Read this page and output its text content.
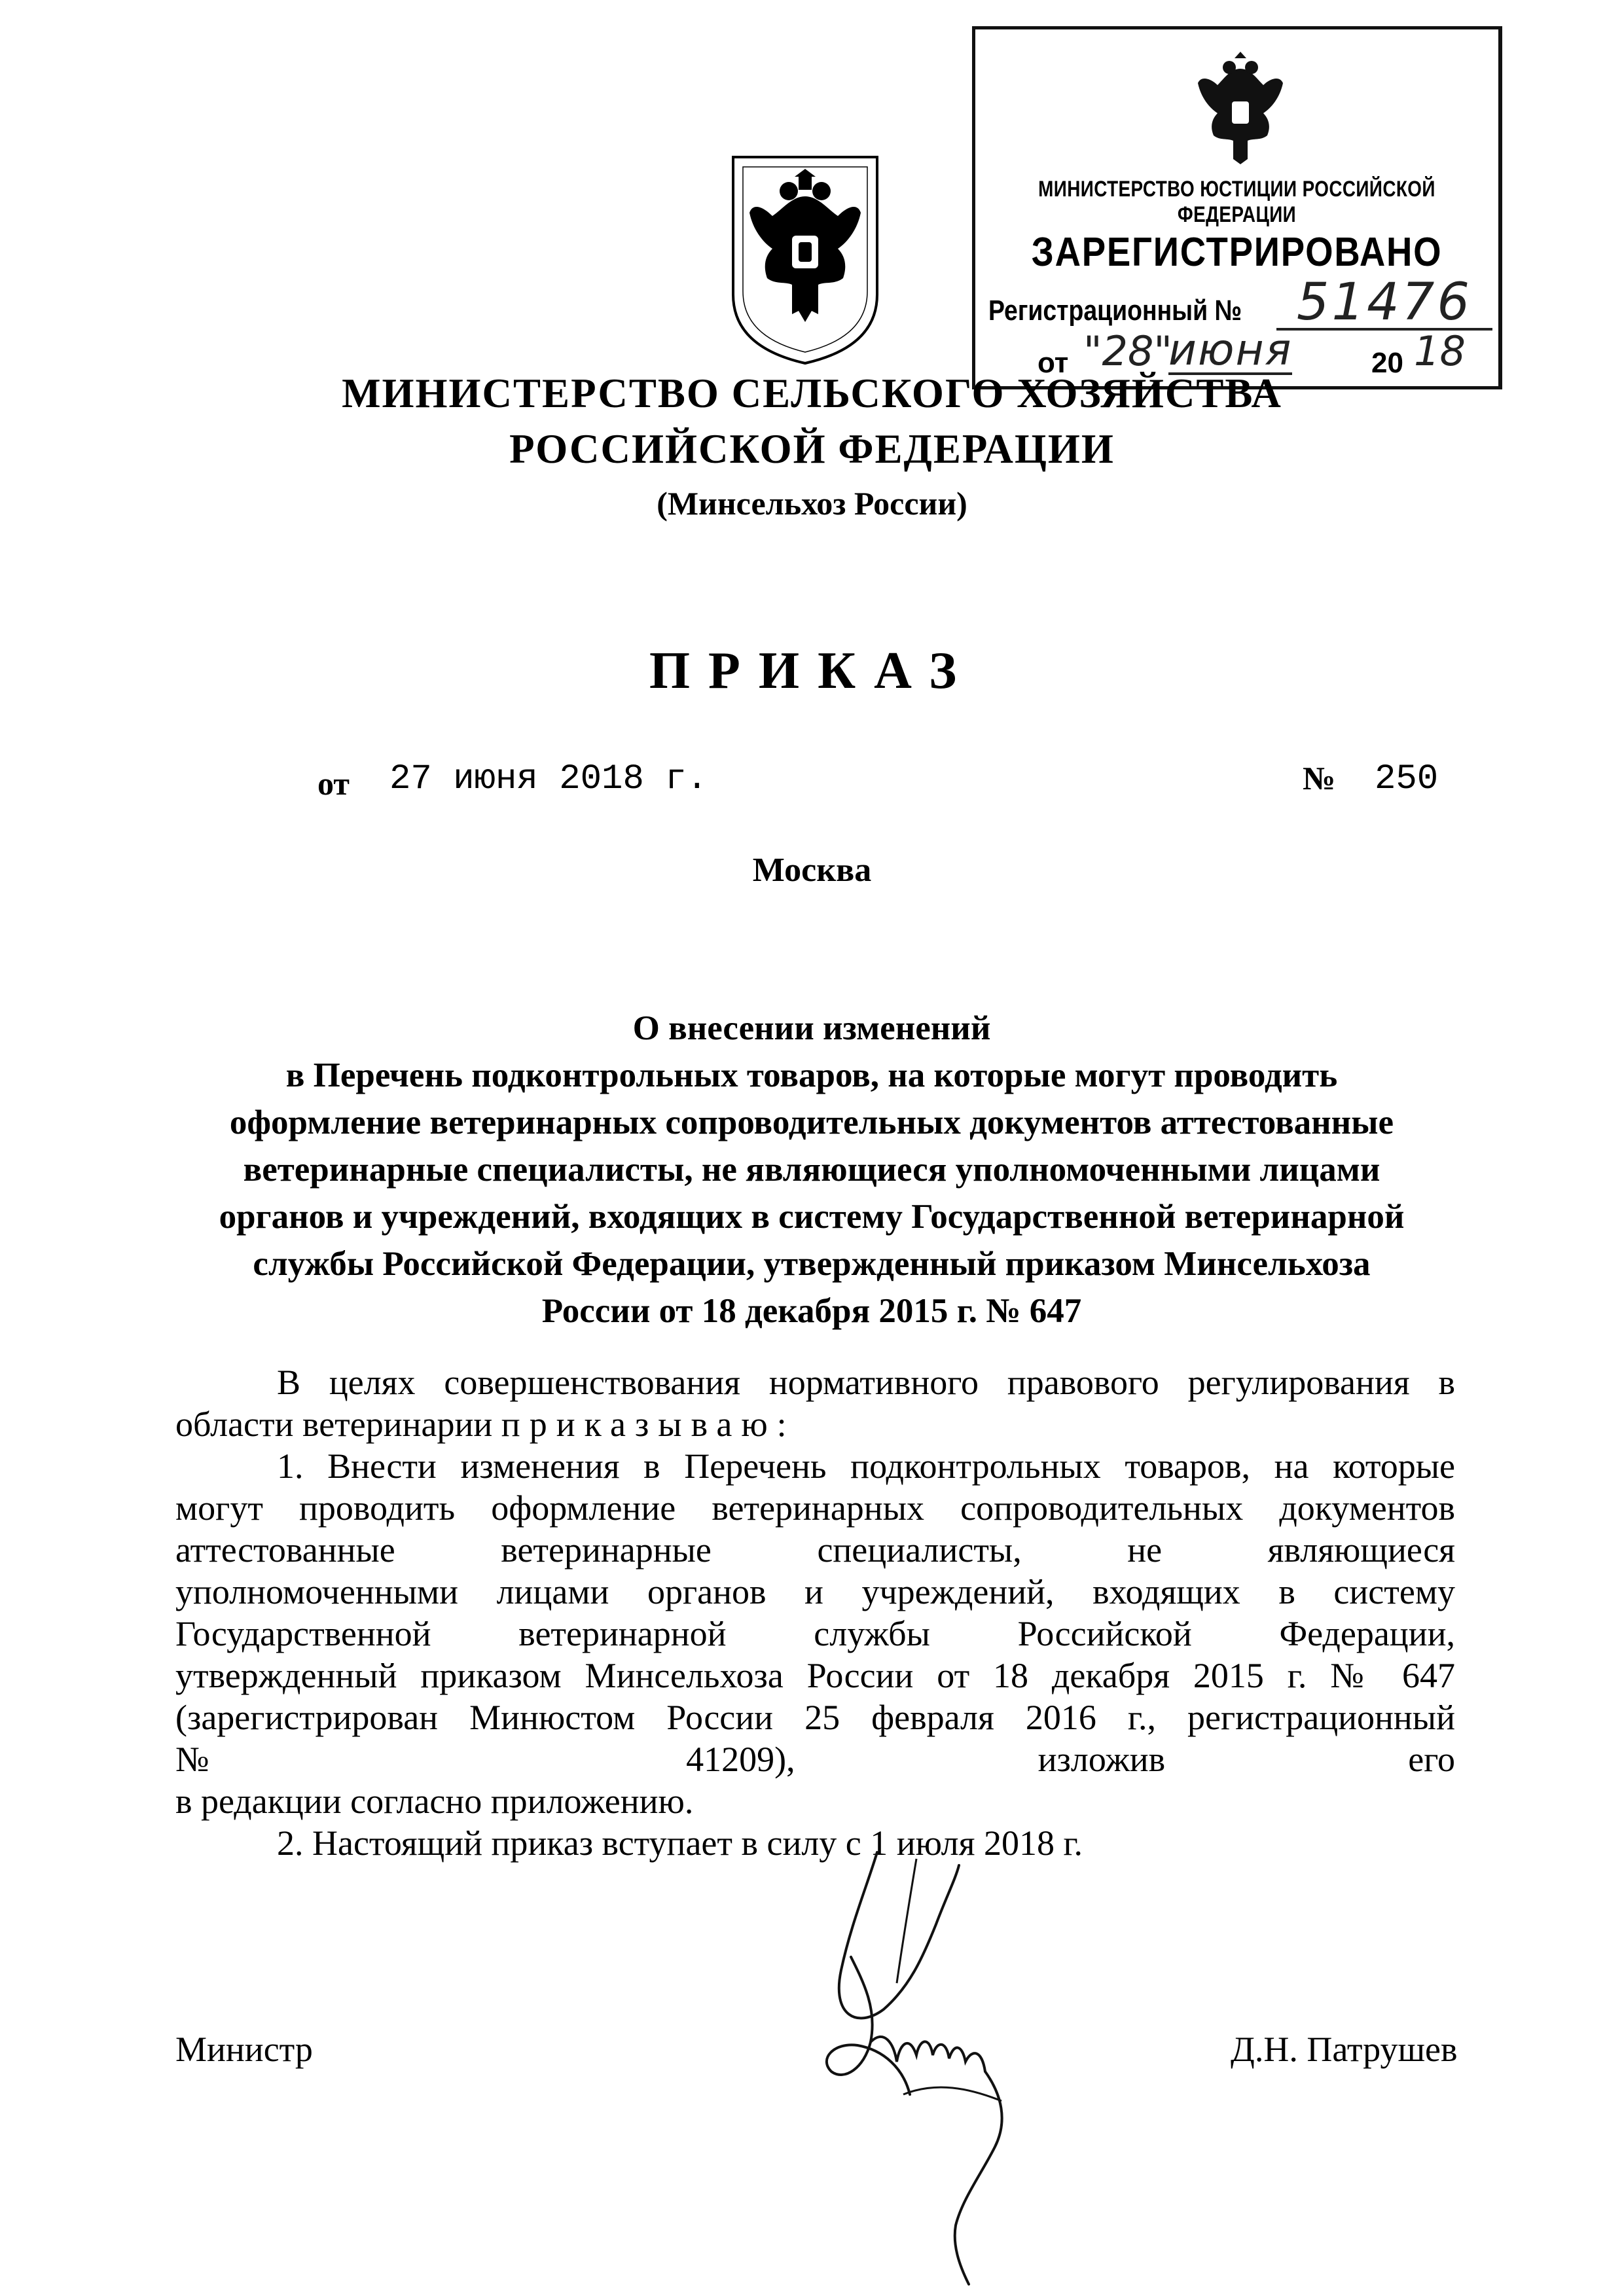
МИНИСТЕРСТВО ЮСТИЦИИ РОССИЙСКОЙ ФЕДЕРАЦИИ
ЗАРЕГИСТРИРОВАНО
Регистрационный №	51476
от "28"
июня	20 18
МИНИСТЕРСТВО СЕЛЬСКОГО ХОЗЯЙСТВА
РОССИЙСКОЙ ФЕДЕРАЦИИ
(Минсельхоз России)
ПРИКАЗ
от 27 июня 2018 г.	№ 250
Москва
О внесении изменений
в Перечень подконтрольных товаров, на которые могут проводить
оформление ветеринарных сопроводительных документов аттестованные
ветеринарные специалисты, не являющиеся уполномоченными лицами
органов и учреждений, входящих в систему Государственной ветеринарной
службы Российской Федерации, утвержденный приказом Минсельхоза
России от 18 декабря 2015 г. № 647
В целях совершенствования нормативного правового регулирования в
области ветеринарии приказываю:
1. Внести изменения в Перечень подконтрольных товаров, на которые
могут проводить оформление ветеринарных сопроводительных документов
аттестованные ветеринарные специалисты, не являющиеся
уполномоченными лицами органов и учреждений, входящих в систему
Государственной ветеринарной службы Российской Федерации,
утвержденный приказом Минсельхоза России от 18 декабря 2015 г. № 647
(зарегистрирован Минюстом России 25 февраля 2016 г., регистрационный
№ 41209), изложив его
в редакции согласно приложению.
2. Настоящий приказ вступает в силу с 1 июля 2018 г.
Министр	Д.Н. Патрушев
